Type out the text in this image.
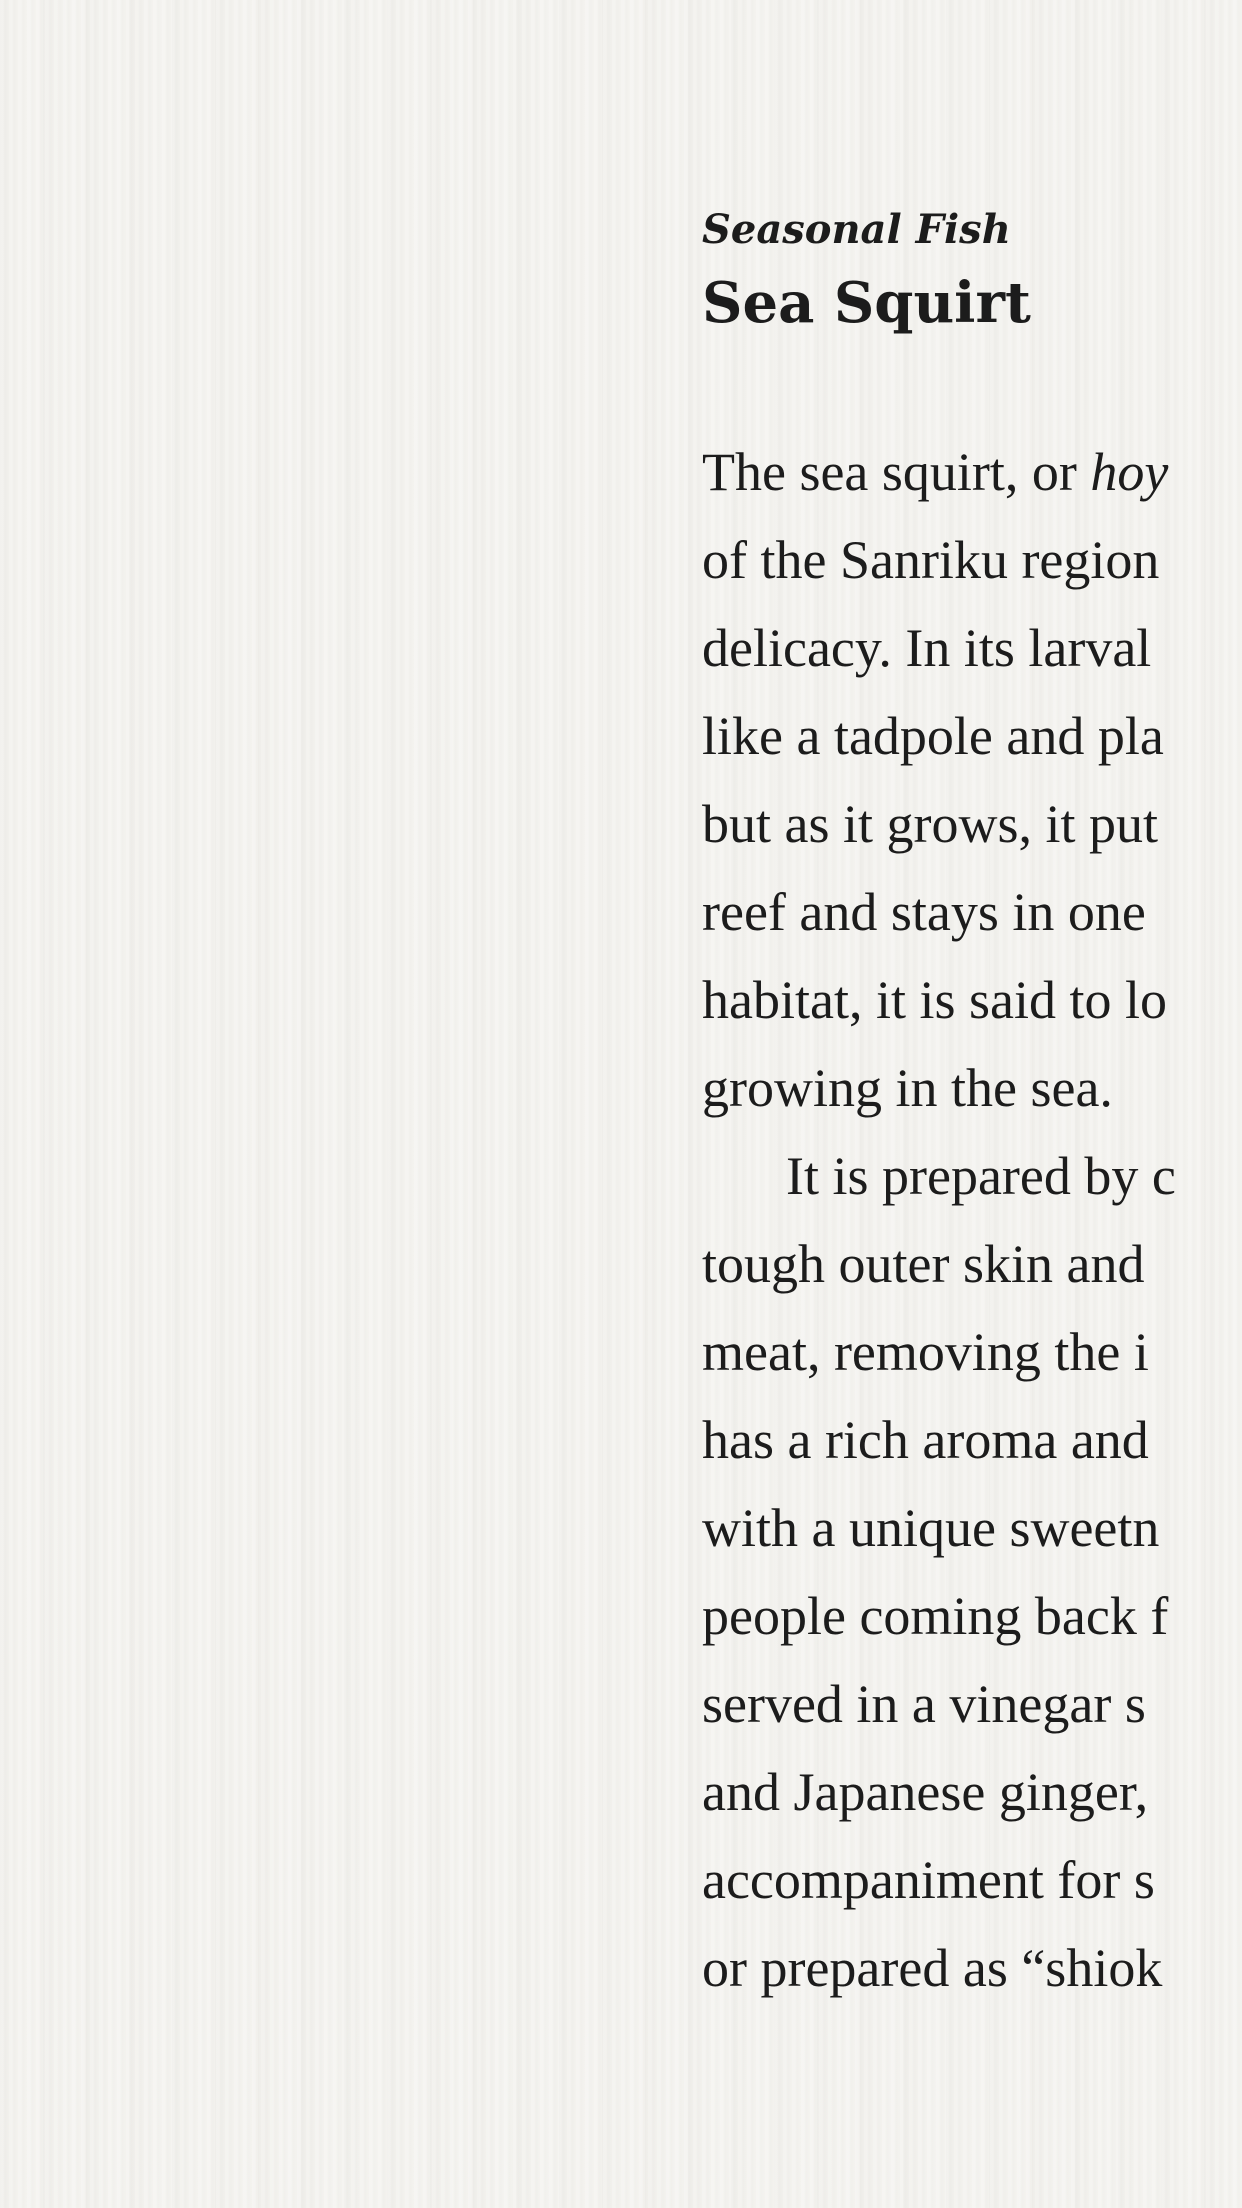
Seasonal Fish
Sea Squirt
The sea squirt, or hoy
of the Sanriku region
delicacy. In its larval
like a tadpole and pla
but as it grows, it put
reef and stays in one
habitat, it is said to lo
growing in the sea.
It is prepared by c
tough outer skin and
meat, removing the i
has a rich aroma and
with a unique sweetn
people coming back f
served in a vinegar s
and Japanese ginger,
accompaniment for s
or prepared as “shiok
